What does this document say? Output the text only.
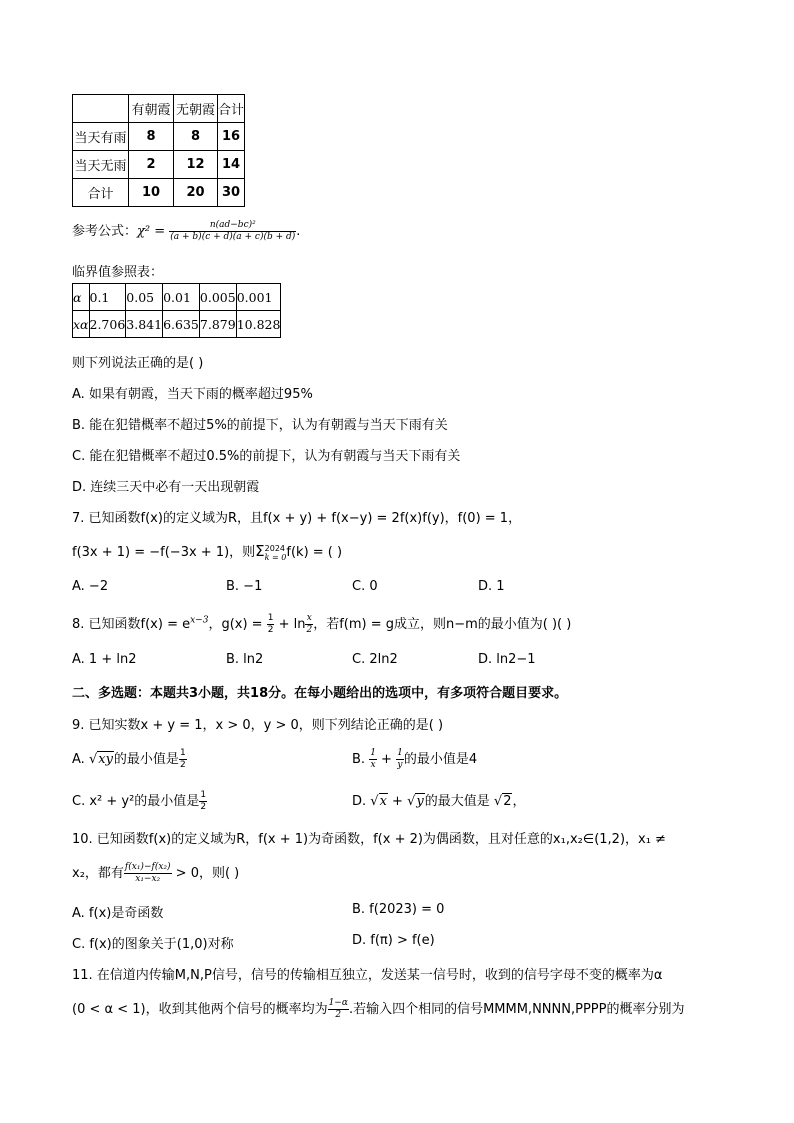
	有朝霞	无朝霞	合计
当天有雨	8	8	16
当天无雨	2	12	14
合计	10	20	30
参考公式：$\chi^2 = \frac{\text{n(ad−bc)²}}{(a + b)(c + d)(a + c)(b + d)}$ .
临界值参照表：
α	0.1	0.05	0.01	0.005	0.001
xα	2.706	3.841	6.635	7.879	10.828
则下列说法正确的是( )
A. 如果有朝霞，当天下雨的概率超过95%
B. 能在犯错概率不超过5%的前提下，认为有朝霞与当天下雨有关
C. 能在犯错概率不超过0.5%的前提下，认为有朝霞与当天下雨有关
D. 连续三天中必有一天出现朝霞
7. 已知函数f(x)的定义域为R，且f(x + y) + f(x−y) = 2f(x)f(y)，f(0) = 1，
f(3x + 1) = −f(−3x + 1)，则Σ 2024
k = 0 f(k) = ( )
A. −2	B. −1	C. 0	D. 1
8. 已知函数$f(x) = e^{x-3}$，$g(x) = \frac{1}{2} + \ln \frac{x}{2}$ ，若f(m) = g成立，则n−m的最小值为( )( )
A. 1 + ln2	B. ln2	C. 2ln2	D. ln2−1
二、多选题：本题共3小题，共18分。在每小题给出的选项中，有多项符合题目要求。
9. 已知实数x + y = 1，x > 0，y > 0，则下列结论正确的是( )
A. √xy的最小值是 $\frac{1}{2}$	B. $\frac{1}{x} + \frac{1}{y}$ 的最小值是4
C. x² + y²的最小值是 $\frac{1}{2}$	D. √x + √y的最大值是 √2，
10. 已知函数f(x)的定义域为R，f(x + 1)为奇函数，f(x + 2)为偶函数，且对任意的x₁,x₂∈(1,2)，x₁ ≠
x₂，都有 $\frac{\text{f(x₁)−f(x₂)}}{\text{x₁−x₂}} > 0$，则( )
A. f(x)是奇函数	B. f(2023) = 0
C. f(x)的图象关于(1,0)对称	D. f(π) > f(e)
11. 在信道内传输M,N,P信号，信号的传输相互独立，发送某一信号时，收到的信号字母不变的概率为α
(0 < α < 1)，收到其他两个信号的概率均为 $\frac{1-\alpha}{2}$ .若输入四个相同的信号MMMM,NNNN,PPPP的概率分别为
